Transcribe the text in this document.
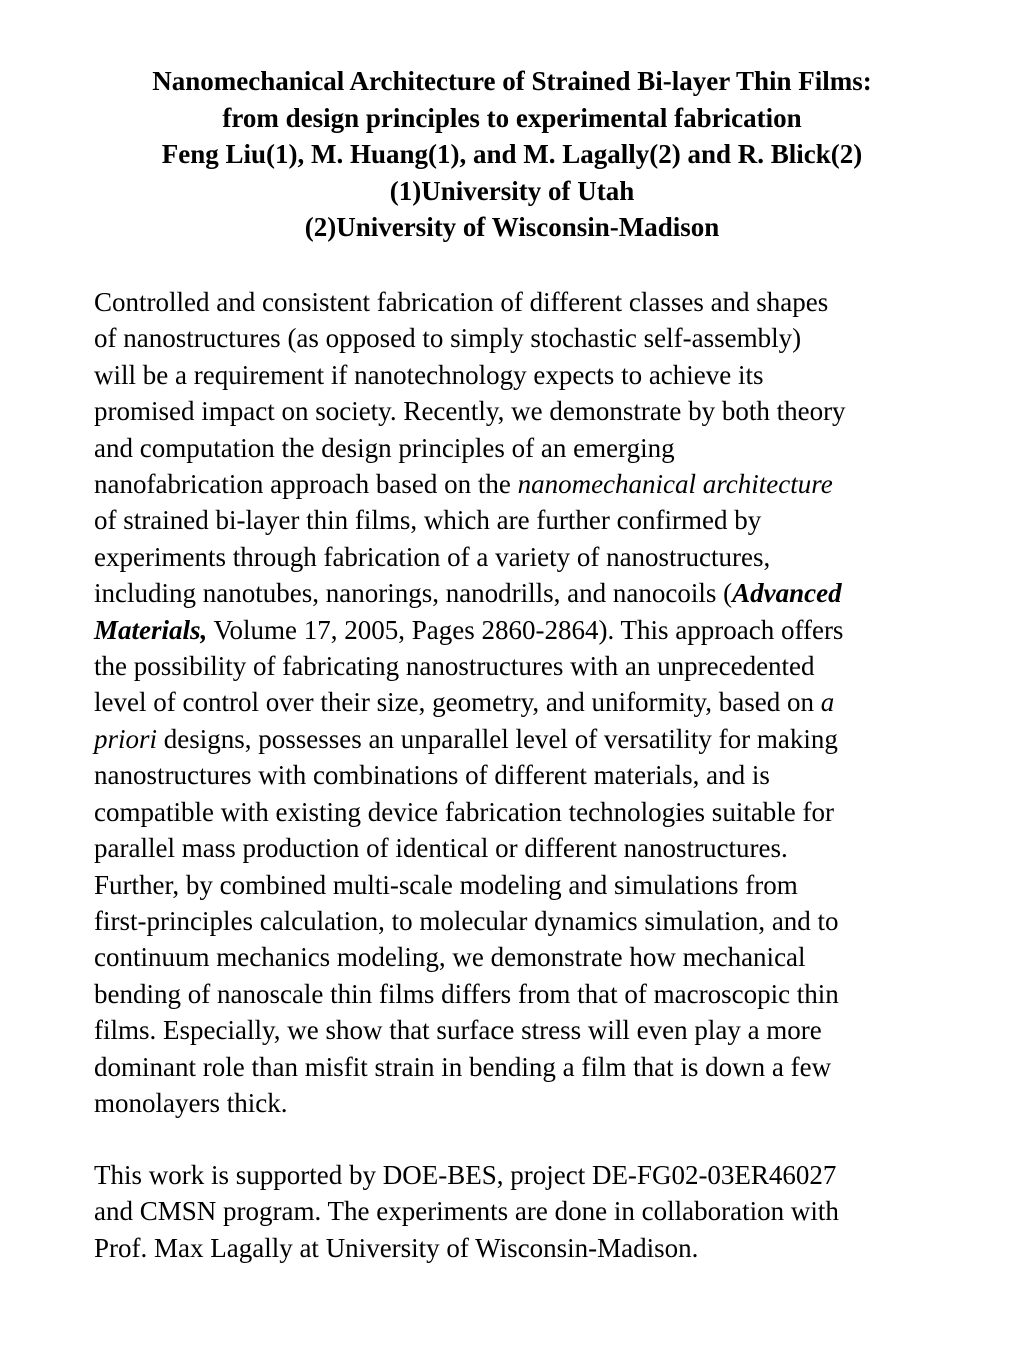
Nanomechanical Architecture of Strained Bi-layer Thin Films:
from design principles to experimental fabrication
Feng Liu(1), M. Huang(1), and M. Lagally(2) and R. Blick(2)
(1)University of Utah
(2)University of Wisconsin-Madison
Controlled and consistent fabrication of different classes and shapes
of nanostructures (as opposed to simply stochastic self-assembly)
will be a requirement if nanotechnology expects to achieve its
promised impact on society. Recently, we demonstrate by both theory
and computation the design principles of an emerging
nanofabrication approach based on the nanomechanical architecture
of strained bi-layer thin films, which are further confirmed by
experiments through fabrication of a variety of nanostructures,
including nanotubes, nanorings, nanodrills, and nanocoils (Advanced
Materials, Volume 17, 2005, Pages 2860-2864). This approach offers
the possibility of fabricating nanostructures with an unprecedented
level of control over their size, geometry, and uniformity, based on a
priori designs, possesses an unparallel level of versatility for making
nanostructures with combinations of different materials, and is
compatible with existing device fabrication technologies suitable for
parallel mass production of identical or different nanostructures.
Further, by combined multi-scale modeling and simulations from
first-principles calculation, to molecular dynamics simulation, and to
continuum mechanics modeling, we demonstrate how mechanical
bending of nanoscale thin films differs from that of macroscopic thin
films. Especially, we show that surface stress will even play a more
dominant role than misfit strain in bending a film that is down a few
monolayers thick.
This work is supported by DOE-BES, project DE-FG02-03ER46027
and CMSN program. The experiments are done in collaboration with
Prof. Max Lagally at University of Wisconsin-Madison.
